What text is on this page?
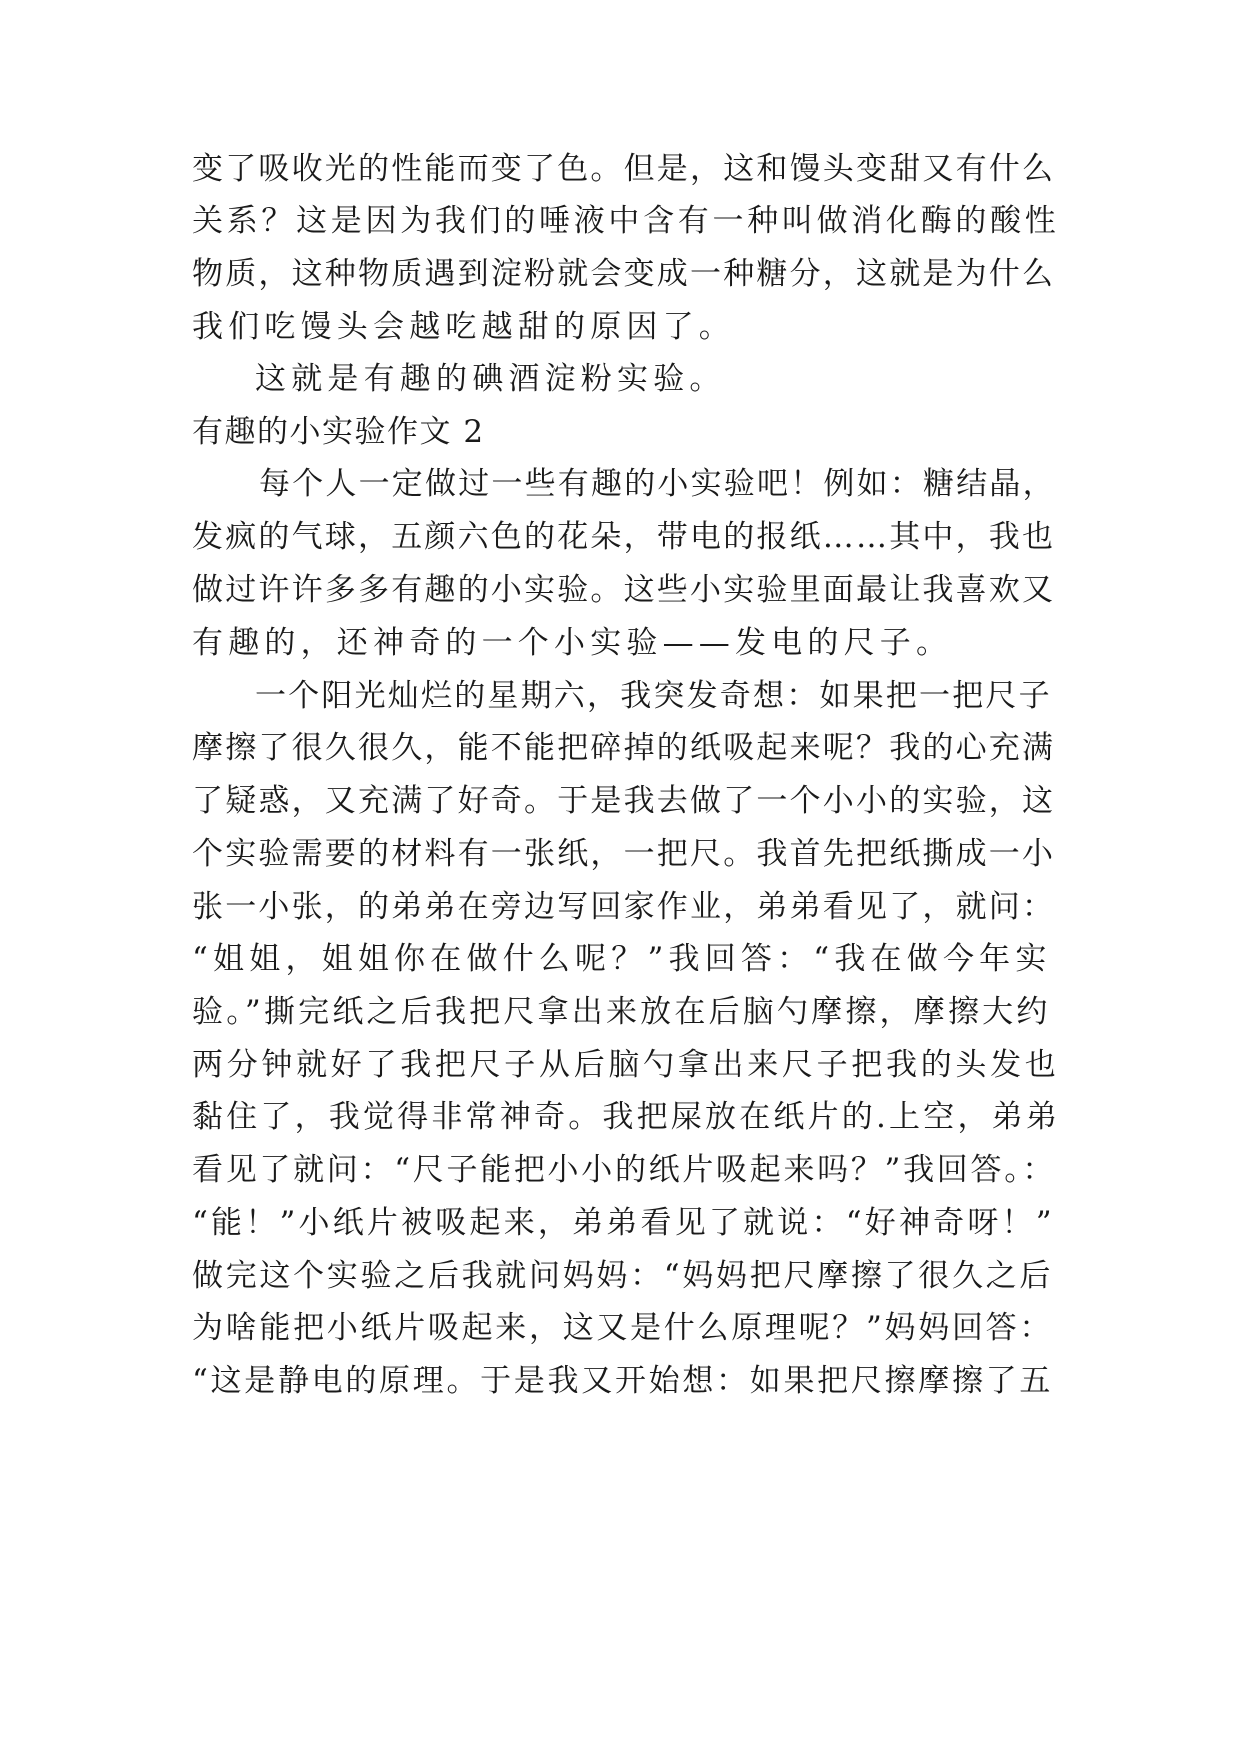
变了吸收光的性能而变了色。但是，这和馒头变甜又有什么
关系？这是因为我们的唾液中含有一种叫做消化酶的酸性
物质，这种物质遇到淀粉就会变成一种糖分，这就是为什么
我们吃馒头会越吃越甜的原因了。
这就是有趣的碘酒淀粉实验。
有趣的小实验作文 2
每个人一定做过一些有趣的小实验吧！例如：糖结晶，
发疯的气球，五颜六色的花朵，带电的报纸……其中，我也
做过许许多多有趣的小实验。这些小实验里面最让我喜欢又
有趣的，还神奇的一个小实验——发电的尺子。
一个阳光灿烂的星期六，我突发奇想：如果把一把尺子
摩擦了很久很久，能不能把碎掉的纸吸起来呢？我的心充满
了疑惑，又充满了好奇。于是我去做了一个小小的实验，这
个实验需要的材料有一张纸，一把尺。我首先把纸撕成一小
张一小张，的弟弟在旁边写回家作业，弟弟看见了，就问：
“姐姐，姐姐你在做什么呢？”我回答：“我在做今年实
验。”撕完纸之后我把尺拿出来放在后脑勺摩擦，摩擦大约
两分钟就好了我把尺子从后脑勺拿出来尺子把我的头发也
黏住了，我觉得非常神奇。我把屎放在纸片的.上空，弟弟
看见了就问：“尺子能把小小的纸片吸起来吗？”我回答。：
“能！”小纸片被吸起来，弟弟看见了就说：“好神奇呀！”
做完这个实验之后我就问妈妈：“妈妈把尺摩擦了很久之后
为啥能把小纸片吸起来，这又是什么原理呢？”妈妈回答：
“这是静电的原理。于是我又开始想：如果把尺擦摩擦了五
